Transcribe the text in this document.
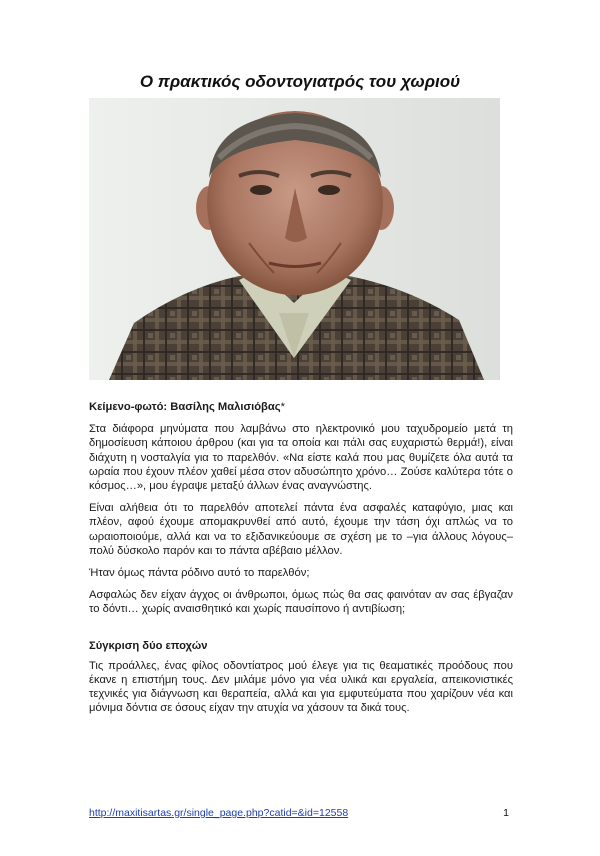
Ο πρακτικός οδοντογιατρός του χωριού

Κείμενο-φωτό: Βασίλης Μαλισιόβας*

Στα διάφορα μηνύματα που λαμβάνω στο ηλεκτρονικό μου ταχυδρομείο μετά τη δημοσίευση κάποιου άρθρου (και για τα οποία και πάλι σας ευχαριστώ θερμά!), είναι διάχυτη η νοσταλγία για το παρελθόν. «Να είστε καλά που μας θυμίζετε όλα αυτά τα ωραία που έχουν πλέον χαθεί μέσα στον αδυσώπητο χρόνο… Ζούσε καλύτερα τότε ο κόσμος…», μου έγραψε μεταξύ άλλων ένας αναγνώστης.

Είναι αλήθεια ότι το παρελθόν αποτελεί πάντα ένα ασφαλές καταφύγιο, μιας και πλέον, αφού έχουμε απομακρυνθεί από αυτό, έχουμε την τάση όχι απλώς να το ωραιοποιούμε, αλλά και να το εξιδανικεύουμε σε σχέση με το –για άλλους λόγους–πολύ δύσκολο παρόν και το πάντα αβέβαιο μέλλον.

Ήταν όμως πάντα ρόδινο αυτό το παρελθόν;

Ασφαλώς δεν είχαν άγχος οι άνθρωποι, όμως πώς θα σας φαινόταν αν σας έβγαζαν το δόντι… χωρίς αναισθητικό και χωρίς παυσίπονο ή αντιβίωση;

Σύγκριση δύο εποχών

Τις προάλλες, ένας φίλος οδοντίατρος μού έλεγε για τις θεαματικές προόδους που έκανε η επιστήμη τους. Δεν μιλάμε μόνο για νέα υλικά και εργαλεία, απεικονιστικές τεχνικές για διάγνωση και θεραπεία, αλλά και για εμφυτεύματα που χαρίζουν νέα και μόνιμα δόντια σε όσους είχαν την ατυχία να χάσουν τα δικά τους.

http://maxitisartas.gr/single_page.php?catid=&id=12558	1
